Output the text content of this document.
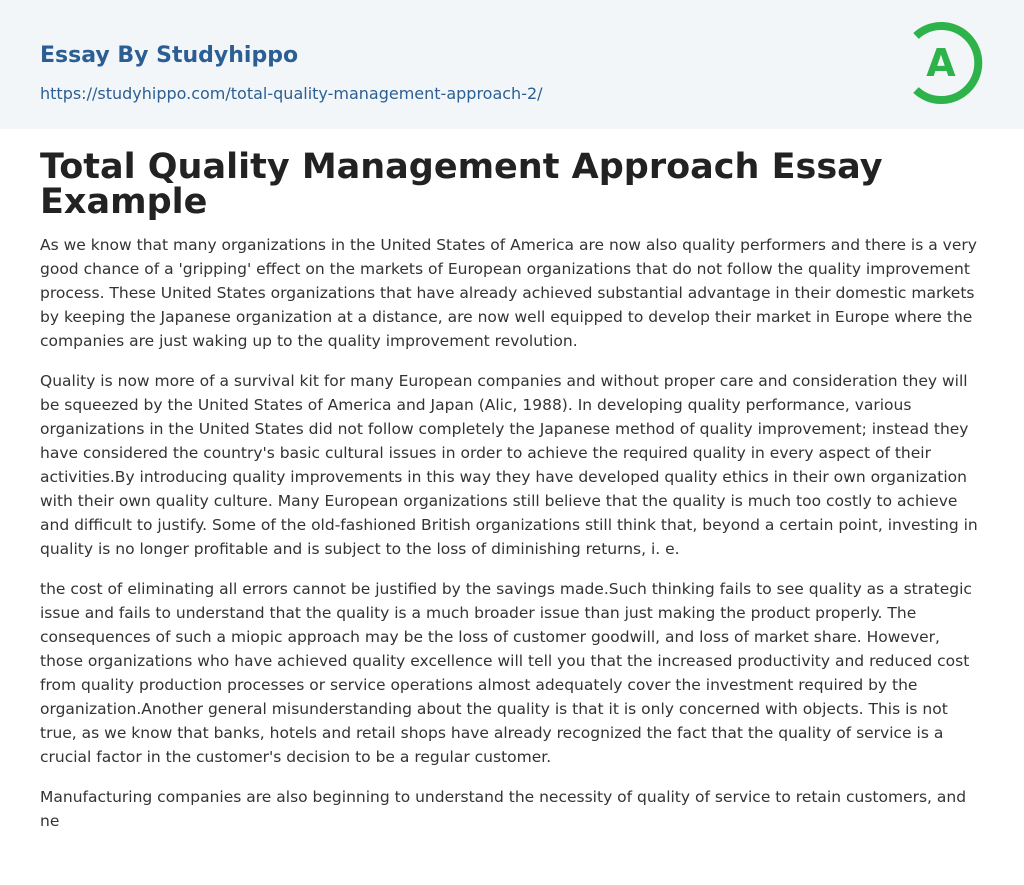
Essay By Studyhippo
https://studyhippo.com/total-quality-management-approach-2/
A
Total Quality Management Approach Essay Example

As we know that many organizations in the United States of America are now also quality performers and there is a very good chance of a 'gripping' effect on the markets of European organizations that do not follow the quality improvement process. These United States organizations that have already achieved substantial advantage in their domestic markets by keeping the Japanese organization at a distance, are now well equipped to develop their market in Europe where the companies are just waking up to the quality improvement revolution.

Quality is now more of a survival kit for many European companies and without proper care and consideration they will be squeezed by the United States of America and Japan (Alic, 1988). In developing quality performance, various organizations in the United States did not follow completely the Japanese method of quality improvement; instead they have considered the country's basic cultural issues in order to achieve the required quality in every aspect of their activities.By introducing quality improvements in this way they have developed quality ethics in their own organization with their own quality culture. Many European organizations still believe that the quality is much too costly to achieve and difficult to justify. Some of the old-fashioned British organizations still think that, beyond a certain point, investing in quality is no longer profitable and is subject to the loss of diminishing returns, i. e.

the cost of eliminating all errors cannot be justified by the savings made.Such thinking fails to see quality as a strategic issue and fails to understand that the quality is a much broader issue than just making the product properly. The consequences of such a miopic approach may be the loss of customer goodwill, and loss of market share. However, those organizations who have achieved quality excellence will tell you that the increased productivity and reduced cost from quality production processes or service operations almost adequately cover the investment required by the organization.Another general misunderstanding about the quality is that it is only concerned with objects. This is not true, as we know that banks, hotels and retail shops have already recognized the fact that the quality of service is a crucial factor in the customer's decision to be a regular customer.

Manufacturing companies are also beginning to understand the necessity of quality of service to retain customers, and ne
